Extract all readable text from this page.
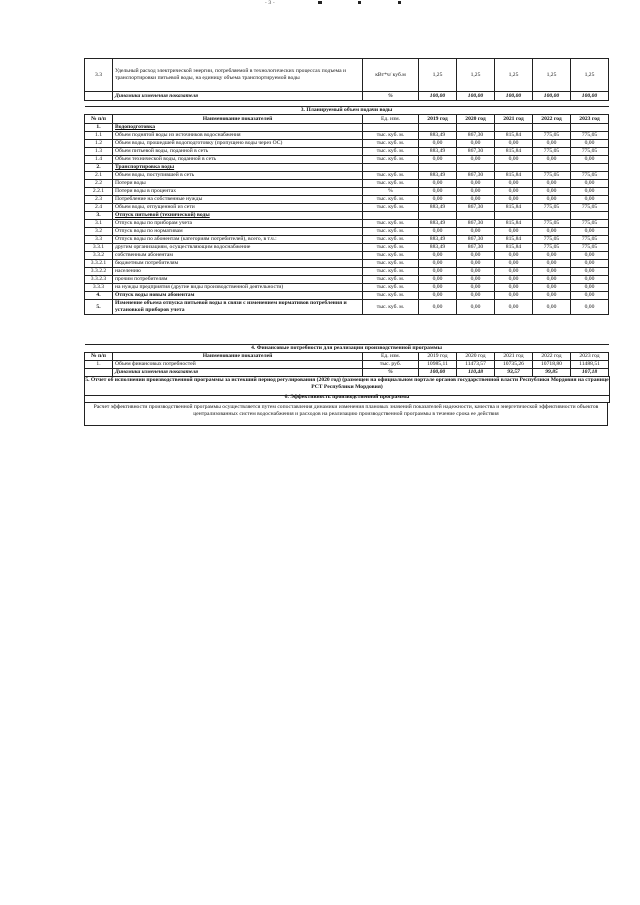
- 3 -
3.3	Удельный расход электрической энергии, потребляемой в технологических процессах подъема и транспортировки питьевой воды, на единицу объема транспортируемой воды	кВт*ч/ куб.м	1,25	1,25	1,25	1,25	1,25
	Динамика изменения показателя	%	100,00	100,00	100,00	100,00	100,00
3. Планируемый объем подачи воды							
№ п/п	Наименование показателей	Ед. изм.	2019 год	2020 год	2021 год	2022 год	2023 год
1.	Водоподготовка						
1.1	Объем поднятой воды из источников водоснабжения	тыс. куб. м.	883,49	867,30	815,84	775,05	775,05
1.2	Объем воды, прошедшей водоподготовку (пропущено воды через ОС)	тыс. куб. м.	0,00	0,00	0,00	0,00	0,00
1.3	Объем питьевой воды, поданной в сеть	тыс. куб. м.	883,49	867,30	815,84	775,05	775,05
1.4	Объем технической воды, поданной в сеть	тыс. куб. м.	0,00	0,00	0,00	0,00	0,00
2.	Транспортировка воды						
2.1	Объем воды, поступившей в сеть	тыс. куб. м.	883,49	867,30	815,84	775,05	775,05
2.2	Потери воды	тыс. куб. м.	0,00	0,00	0,00	0,00	0,00
2.2.1	Потери воды в процентах	%	0,00	0,00	0,00	0,00	0,00
2.3	Потребление на собственные нужды	тыс. куб. м.	0,00	0,00	0,00	0,00	0,00
2.4	Объем воды, отпущенной из сети	тыс. куб. м.	883,49	867,30	815,84	775,05	775,05
3.	Отпуск питьевой (технической) воды						
3.1	Отпуск воды по приборам учета	тыс. куб. м.	883,49	867,30	815,84	775,05	775,05
3.2	Отпуск воды по нормативам	тыс. куб. м.	0,00	0,00	0,00	0,00	0,00
3.3	Отпуск воды по абонентам (категориям потребителей), всего, в т.ч.:	тыс. куб. м.	883,49	867,30	815,84	775,05	775,05
3.3.1	другим организациям, осуществляющим водоснабжение	тыс. куб. м.	883,49	867,30	815,84	775,05	775,05
3.3.2	собственным абонентам	тыс. куб. м.	0,00	0,00	0,00	0,00	0,00
3.3.2.1	бюджетным потребителям	тыс. куб. м.	0,00	0,00	0,00	0,00	0,00
3.3.2.2	населению	тыс. куб. м.	0,00	0,00	0,00	0,00	0,00
3.3.2.3	прочим потребителям	тыс. куб. м.	0,00	0,00	0,00	0,00	0,00
3.3.3	на нужды предприятия (другие виды производственной деятельности)	тыс. куб. м.	0,00	0,00	0,00	0,00	0,00
4.	Отпуск воды новым абонентам	тыс. куб. м.	0,00	0,00	0,00	0,00	0,00
5.	Изменение объема отпуска питьевой воды в связи с изменением нормативов потребления и установкой приборов учета	тыс. куб. м.	0,00	0,00	0,00	0,00	0,00
4. Финансовые потребности для реализации производственной программы							
№ п/п	Наименование показателей	Ед. изм.	2019 год	2020 год	2021 год	2022 год	2023 год
1.	Объем финансовых потребностей	тыс. руб.	10985,11	11473,57	10735,26	10718,80	11488,51
	Динамика изменения показателя	%	100,00	110,48	93,57	99,85	107,18
5. Отчет об исполнении производственной программы за истекший период регулирования (2020 год) (размещен на официальном портале органов государственной власти Республики Мордовия на странице РСТ Республики Мордовия)
6. Эффективность производственной программы
Расчет эффективности производственной программы осуществляется путем сопоставления динамики изменения плановых значений показателей надежности, качества и энергетической эффективности объектов централизованных систем водоснабжения и расходов на реализацию производственной программы в течение срока ее действия
